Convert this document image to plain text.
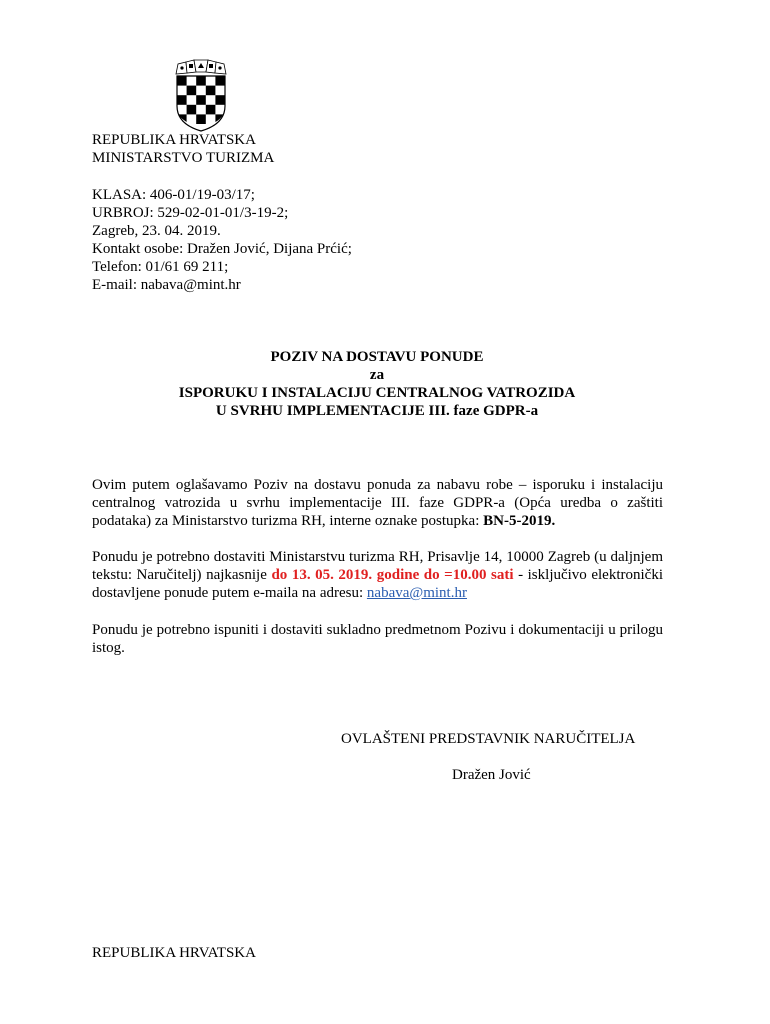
REPUBLIKA HRVATSKA
MINISTARSTVO TURIZMA
KLASA: 406-01/19-03/17;
URBROJ: 529-02-01-01/3-19-2;
Zagreb, 23. 04. 2019.
Kontakt osobe: Dražen Jović, Dijana Prćić;
Telefon: 01/61 69 211;
E-mail: nabava@mint.hr
POZIV NA DOSTAVU PONUDE
za
ISPORUKU I INSTALACIJU CENTRALNOG VATROZIDA
U SVRHU IMPLEMENTACIJE III. faze GDPR-a
Ovim putem oglašavamo Poziv na dostavu ponuda za nabavu robe – isporuku i instalaciju centralnog vatrozida u svrhu implementacije III. faze GDPR-a (Opća uredba o zaštiti podataka) za Ministarstvo turizma RH, interne oznake postupka: BN-5-2019.
Ponudu je potrebno dostaviti Ministarstvu turizma RH, Prisavlje 14, 10000 Zagreb (u daljnjem tekstu: Naručitelj) najkasnije do 13. 05. 2019. godine do =10.00 sati - isključivo elektronički dostavljene ponude putem e-maila na adresu: nabava@mint.hr
Ponudu je potrebno ispuniti i dostaviti sukladno predmetnom Pozivu i dokumentaciji u prilogu istog.
OVLAŠTENI PREDSTAVNIK NARUČITELJA
Dražen Jović
REPUBLIKA HRVATSKA
